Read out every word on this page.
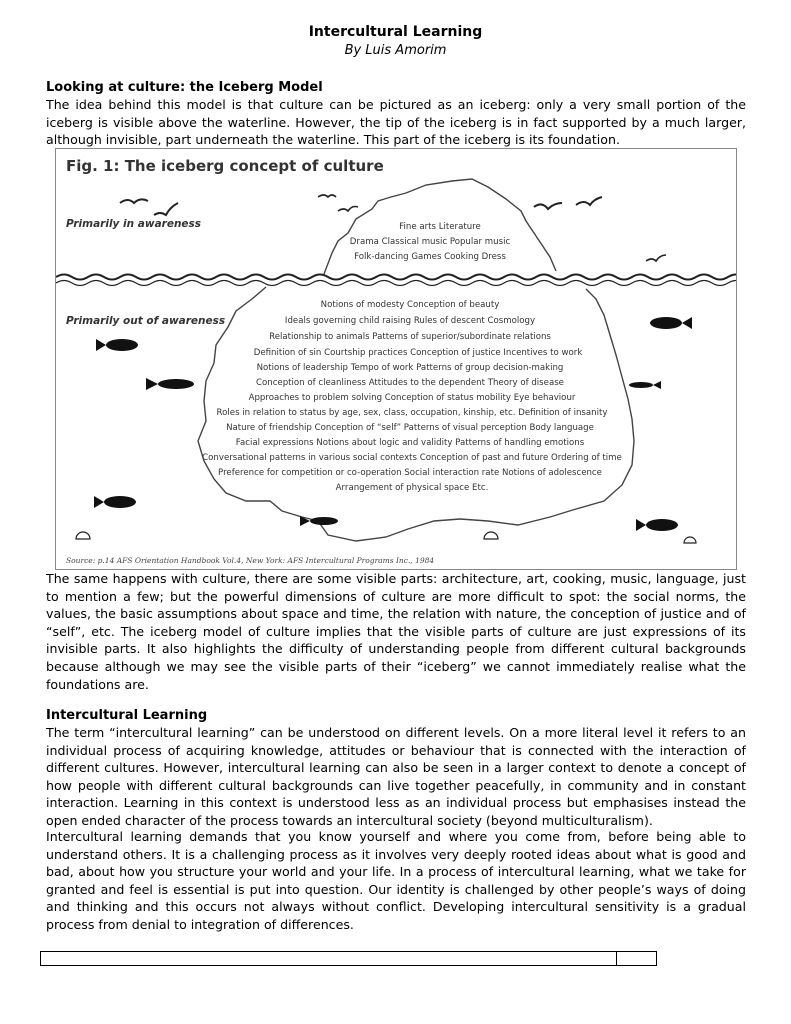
Intercultural Learning
By Luis Amorim
Looking at culture: the Iceberg Model

The idea behind this model is that culture can be pictured as an iceberg: only a very small portion of the iceberg is visible above the waterline. However, the tip of the iceberg is in fact supported by a much larger, although invisible, part underneath the waterline. This part of the iceberg is its foundation.

Fig. 1: The iceberg concept of culture
Primarily in awareness
Primarily out of awareness
Fine arts Literature
Drama Classical music Popular music
Folk-dancing Games Cooking Dress
Notions of modesty Conception of beauty
Ideals governing child raising Rules of descent Cosmology
Relationship to animals Patterns of superior/subordinate relations
Definition of sin Courtship practices Conception of justice Incentives to work
Notions of leadership Tempo of work Patterns of group decision-making
Conception of cleanliness Attitudes to the dependent Theory of disease
Approaches to problem solving Conception of status mobility Eye behaviour
Roles in relation to status by age, sex, class, occupation, kinship, etc. Definition of insanity
Nature of friendship Conception of “self” Patterns of visual perception Body language
Facial expressions Notions about logic and validity Patterns of handling emotions
Conversational patterns in various social contexts Conception of past and future Ordering of time
Preference for competition or co-operation Social interaction rate Notions of adolescence
Arrangement of physical space Etc.
Source: p.14 AFS Orientation Handbook Vol.4, New York: AFS Intercultural Programs Inc., 1984

The same happens with culture, there are some visible parts: architecture, art, cooking, music, language, just to mention a few; but the powerful dimensions of culture are more difficult to spot: the social norms, the values, the basic assumptions about space and time, the relation with nature, the conception of justice and of “self”, etc. The iceberg model of culture implies that the visible parts of culture are just expressions of its invisible parts. It also highlights the difficulty of understanding people from different cultural backgrounds because although we may see the visible parts of their “iceberg” we cannot immediately realise what the foundations are.

Intercultural Learning

The term “intercultural learning” can be understood on different levels. On a more literal level it refers to an individual process of acquiring knowledge, attitudes or behaviour that is connected with the interaction of different cultures. However, intercultural learning can also be seen in a larger context to denote a concept of how people with different cultural backgrounds can live together peacefully, in community and in constant interaction. Learning in this context is understood less as an individual process but emphasises instead the open ended character of the process towards an intercultural society (beyond multiculturalism).

Intercultural learning demands that you know yourself and where you come from, before being able to understand others. It is a challenging process as it involves very deeply rooted ideas about what is good and bad, about how you structure your world and your life. In a process of intercultural learning, what we take for granted and feel is essential is put into question. Our identity is challenged by other people’s ways of doing and thinking and this occurs not always without conflict. Developing intercultural sensitivity is a gradual process from denial to integration of differences.
